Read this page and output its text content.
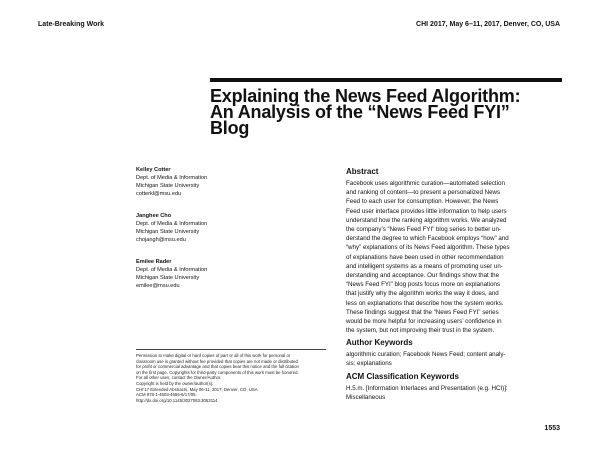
Late-Breaking Work	CHI 2017, May 6–11, 2017, Denver, CO, USA
Explaining the News Feed Algorithm:
An Analysis of the “News Feed FYI”
Blog
Kelley Cotter
Dept. of Media & Information
Michigan State University
cotterkl@msu.edu
Janghee Cho
Dept. of Media & Information
Michigan State University
chojangh@msu.edu
Emilee Rader
Dept. of Media & Information
Michigan State University
emilee@msu.edu
Permission to make digital or hard copies of part or all of this work for personal or
classroom use is granted without fee provided that copies are not made or distributed
for profit or commercial advantage and that copies bear this notice and the full citation
on the first page. Copyrights for third-party components of this work must be honored.
For all other uses, contact the Owner/Author.
Copyright is held by the owner/author(s).
CHI'17 Extended Abstracts, May 06-11, 2017, Denver, CO, USA
ACM 978-1-4503-4656-6/17/05.
http://dx.doi.org/10.1145/3027063.3053114
Abstract
Facebook uses algorithmic curation—automated selection
and ranking of content—to present a personalized News
Feed to each user for consumption. However, the News
Feed user interface provides little information to help users
understand how the ranking algorithm works. We analyzed
the company’s “News Feed FYI” blog series to better un-
derstand the degree to which Facebook employs “how” and
“why” explanations of its News Feed algorithm. These types
of explanations have been used in other recommendation
and intelligent systems as a means of promoting user un-
derstanding and acceptance. Our findings show that the
“News Feed FYI” blog posts focus more on explanations
that justify why the algorithm works the way it does, and
less on explanations that describe how the system works.
These findings suggest that the “News Feed FYI” series
would be more helpful for increasing users’ confidence in
the system, but not improving their trust in the system.
Author Keywords
algorithmic curation; Facebook News Feed; content analy-
sis; explanations
ACM Classification Keywords
H.5.m. [Information Interlaces and Presentation (e.g. HCI)]:
Miscellaneous
1553
